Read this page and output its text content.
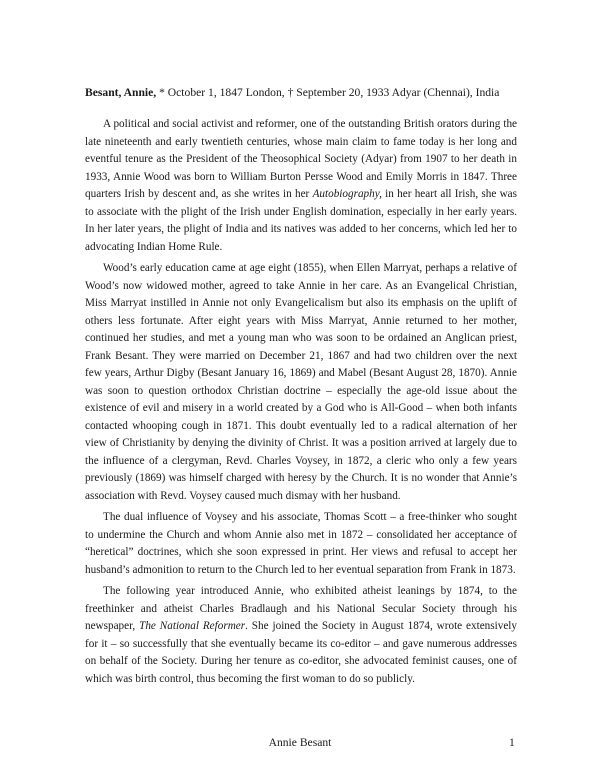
Besant, Annie, * October 1, 1847 London, † September 20, 1933 Adyar (Chennai), India

A political and social activist and reformer, one of the outstanding British orators during the late nineteenth and early twentieth centuries, whose main claim to fame today is her long and eventful tenure as the President of the Theosophical Society (Adyar) from 1907 to her death in 1933, Annie Wood was born to William Burton Persse Wood and Emily Morris in 1847. Three quarters Irish by descent and, as she writes in her Autobiography, in her heart all Irish, she was to associate with the plight of the Irish under English domination, especially in her early years. In her later years, the plight of India and its natives was added to her concerns, which led her to advocating Indian Home Rule.

Wood’s early education came at age eight (1855), when Ellen Marryat, perhaps a relative of Wood’s now widowed mother, agreed to take Annie in her care. As an Evangelical Christian, Miss Marryat instilled in Annie not only Evangelicalism but also its emphasis on the uplift of others less fortunate. After eight years with Miss Marryat, Annie returned to her mother, continued her studies, and met a young man who was soon to be ordained an Anglican priest, Frank Besant. They were married on December 21, 1867 and had two children over the next few years, Arthur Digby (Besant January 16, 1869) and Mabel (Besant August 28, 1870). Annie was soon to question orthodox Christian doctrine – especially the age-old issue about the existence of evil and misery in a world created by a God who is All-Good – when both infants contacted whooping cough in 1871. This doubt eventually led to a radical alternation of her view of Christianity by denying the divinity of Christ. It was a position arrived at largely due to the influence of a clergyman, Revd. Charles Voysey, in 1872, a cleric who only a few years previously (1869) was himself charged with heresy by the Church. It is no wonder that Annie’s association with Revd. Voysey caused much dismay with her husband.

The dual influence of Voysey and his associate, Thomas Scott – a free-thinker who sought to undermine the Church and whom Annie also met in 1872 – consolidated her acceptance of “heretical” doctrines, which she soon expressed in print. Her views and refusal to accept her husband’s admonition to return to the Church led to her eventual separation from Frank in 1873.

The following year introduced Annie, who exhibited atheist leanings by 1874, to the freethinker and atheist Charles Bradlaugh and his National Secular Society through his newspaper, The National Reformer. She joined the Society in August 1874, wrote extensively for it – so successfully that she eventually became its co-editor – and gave numerous addresses on behalf of the Society. During her tenure as co-editor, she advocated feminist causes, one of which was birth control, thus becoming the first woman to do so publicly.

Annie Besant	1
